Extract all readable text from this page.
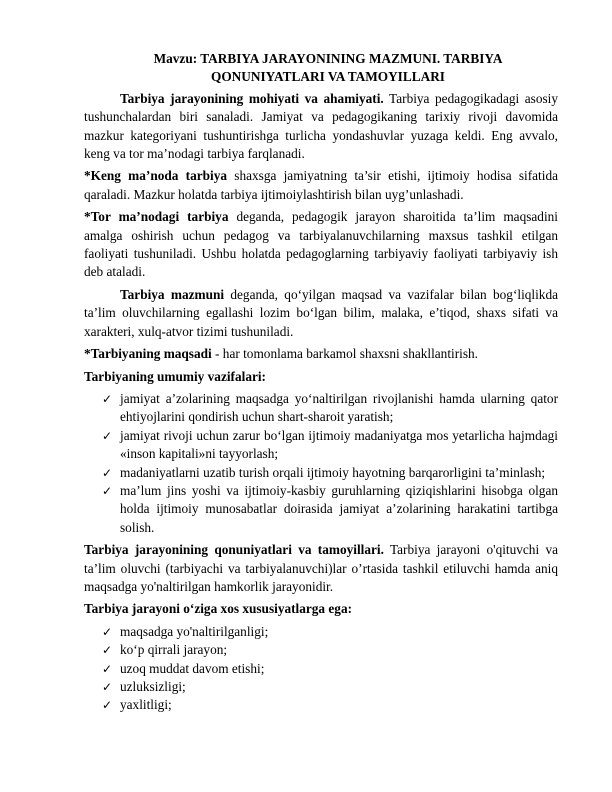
Mavzu: TARBIYA JARAYONINING MAZMUNI. TARBIYA
QONUNIYATLARI VA TAMOYILLARI

Tarbiya jarayonining mohiyati va ahamiyati. Tarbiya pedagogikadagi asosiy tushunchalardan biri sanaladi. Jamiyat va pedagogikaning tarixiy rivoji davomida mazkur kategoriyani tushuntirishga turlicha yondashuvlar yuzaga keldi. Eng avvalo, keng va tor ma’nodagi tarbiya farqlanadi.

*Keng ma’noda tarbiya shaxsga jamiyatning ta’sir etishi, ijtimoiy hodisa sifatida qaraladi. Mazkur holatda tarbiya ijtimoiylashtirish bilan uyg’unlashadi.

*Tor ma’nodagi tarbiya deganda, pedagogik jarayon sharoitida ta’lim maqsadini amalga oshirish uchun pedagog va tarbiyalanuvchilarning maxsus tashkil etilgan faoliyati tushuniladi. Ushbu holatda pedagoglarning tarbiyaviy faoliyati tarbiyaviy ish deb ataladi.

Tarbiya mazmuni deganda, qo‘yilgan maqsad va vazifalar bilan bog‘liqlikda ta’lim oluvchilarning egallashi lozim bo‘lgan bilim, malaka, e’tiqod, shaxs sifati va xarakteri, xulq-atvor tizimi tushuniladi.

*Tarbiyaning maqsadi - har tomonlama barkamol shaxsni shakllantirish.

Tarbiyaning umumiy vazifalari:

✓ jamiyat a’zolarining maqsadga yo‘naltirilgan rivojlanishi hamda ularning qator ehtiyojlarini qondirish uchun shart-sharoit yaratish;
✓ jamiyat rivoji uchun zarur bo‘lgan ijtimoiy madaniyatga mos yetarlicha hajmdagi «inson kapitali»ni tayyorlash;
✓ madaniyatlarni uzatib turish orqali ijtimoiy hayotning barqarorligini ta’minlash;
✓ ma’lum jins yoshi va ijtimoiy-kasbiy guruhlarning qiziqishlarini hisobga olgan holda ijtimoiy munosabatlar doirasida jamiyat a’zolarining harakatini tartibga solish.

Tarbiya jarayonining qonuniyatlari va tamoyillari. Tarbiya jarayoni o'qituvchi va ta’lim oluvchi (tarbiyachi va tarbiyalanuvchi)lar o’rtasida tashkil etiluvchi hamda aniq maqsadga yo'naltirilgan hamkorlik jarayonidir.

Tarbiya jarayoni o‘ziga xos xususiyatlarga ega:

✓ maqsadga yo'naltirilganligi;
✓ ko‘p qirrali jarayon;
✓ uzoq muddat davom etishi;
✓ uzluksizligi;
✓ yaxlitligi;
